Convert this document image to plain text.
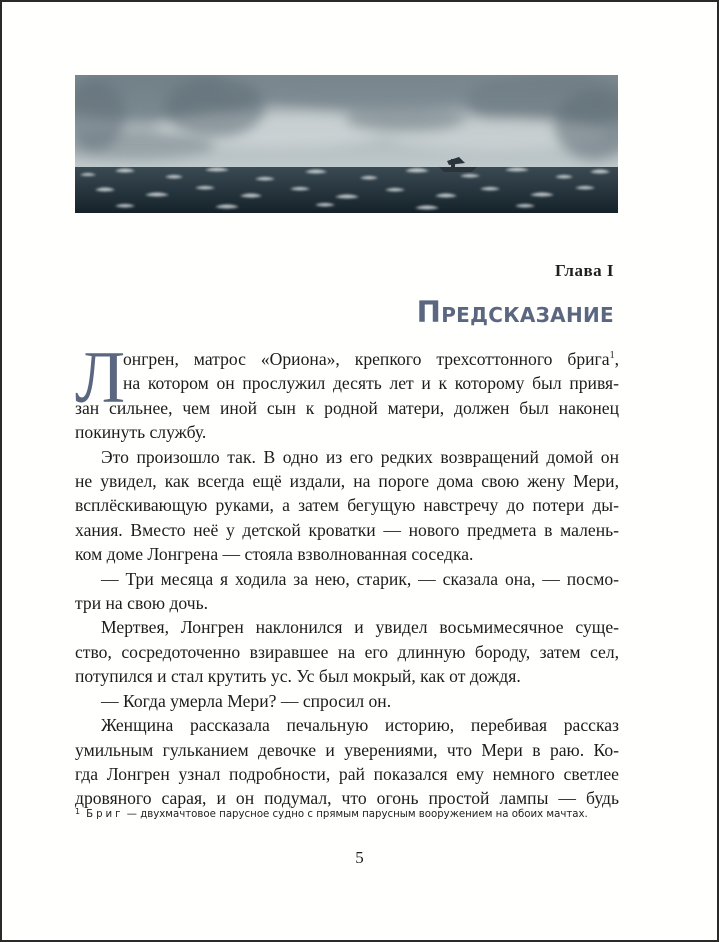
Глава I
Предсказание
Л
онгрен, матрос «Ориона», крепкого трехсоттонного брига$^1$,
на котором он прослужил десять лет и к которому был привя-
зан сильнее, чем иной сын к родной матери, должен был наконец
покинуть службу.
Это произошло так. В одно из его редких возвращений домой он
не увидел, как всегда ещё издали, на пороге дома свою жену Мери,
всплёскивающую руками, а затем бегущую навстречу до потери ды-
хания. Вместо неё у детской кроватки — нового предмета в малень-
ком доме Лонгрена — стояла взволнованная соседка.
— Три месяца я ходила за нею, старик, — сказала она, — посмо-
три на свою дочь.
Мертвея, Лонгрен наклонился и увидел восьмимесячное суще-
ство, сосредоточенно взиравшее на его длинную бороду, затем сел,
потупился и стал крутить ус. Ус был мокрый, как от дождя.
— Когда умерла Мери? — спросил он.
Женщина рассказала печальную историю, перебивая рассказ
умильным гульканием девочке и уверениями, что Мери в раю. Ко-
гда Лонгрен узнал подробности, рай показался ему немного светлее
дровяного сарая, и он подумал, что огонь простой лампы — будь
$^1$ Бриг — двухмачтовое парусное судно с прямым парусным вооружением на обоих мачтах.
5
